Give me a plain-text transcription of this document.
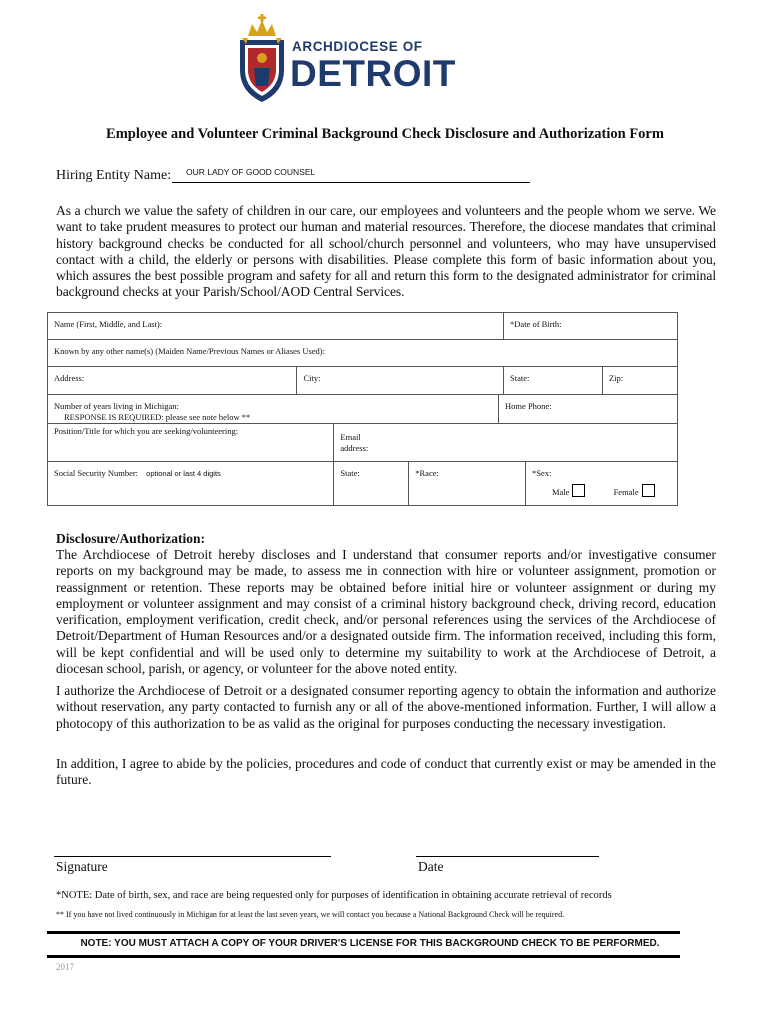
ARCHDIOCESE OF
DETROIT
Employee and Volunteer Criminal Background Check Disclosure and Authorization Form
Hiring Entity Name: OUR LADY OF GOOD COUNSEL
As a church we value the safety of children in our care, our employees and volunteers and the people whom we serve. We want to take prudent measures to protect our human and material resources. Therefore, the diocese mandates that criminal history background checks be conducted for all school/church personnel and volunteers, who may have unsupervised contact with a child, the elderly or persons with disabilities. Please complete this form of basic information about you, which assures the best possible program and safety for all and return this form to the designated administrator for criminal background checks at your Parish/School/AOD Central Services.
Name (First, Middle, and Last):					*Date of Birth:		

Known by any other name(s) (Maiden Name/Previous Names or Aliases Used):							

Address:	City:				State:		Zip:

Number of years living in Michigan:
RESPONSE IS REQUIRED: please see note below **				Home Phone:			

Position/Title for which you are seeking/volunteering:		Email
address:					

Social Security Number: optional or last 4 digits		State:	*Race:			*Sex:
Male Female	
Disclosure/Authorization:
The Archdiocese of Detroit hereby discloses and I understand that consumer reports and/or investigative consumer reports on my background may be made, to assess me in connection with hire or volunteer assignment, promotion or reassignment or retention. These reports may be obtained before initial hire or volunteer assignment or during my employment or volunteer assignment and may consist of a criminal history background check, driving record, education verification, employment verification, credit check, and/or personal references using the services of the Archdiocese of Detroit/Department of Human Resources and/or a designated outside firm. The information received, including this form, will be kept confidential and will be used only to determine my suitability to work at the Archdiocese of Detroit, a diocesan school, parish, or agency, or volunteer for the above noted entity.
I authorize the Archdiocese of Detroit or a designated consumer reporting agency to obtain the information and authorize without reservation, any party contacted to furnish any or all of the above-mentioned information. Further, I will allow a photocopy of this authorization to be as valid as the original for purposes conducting the necessary investigation.
In addition, I agree to abide by the policies, procedures and code of conduct that currently exist or may be amended in the future.
Signature	Date
*NOTE: Date of birth, sex, and race are being requested only for purposes of identification in obtaining accurate retrieval of records
** If you have not lived continuously in Michigan for at least the last seven years, we will contact you because a National Background Check will be required.
NOTE: YOU MUST ATTACH A COPY OF YOUR DRIVER'S LICENSE FOR THIS BACKGROUND CHECK TO BE PERFORMED.
2017
